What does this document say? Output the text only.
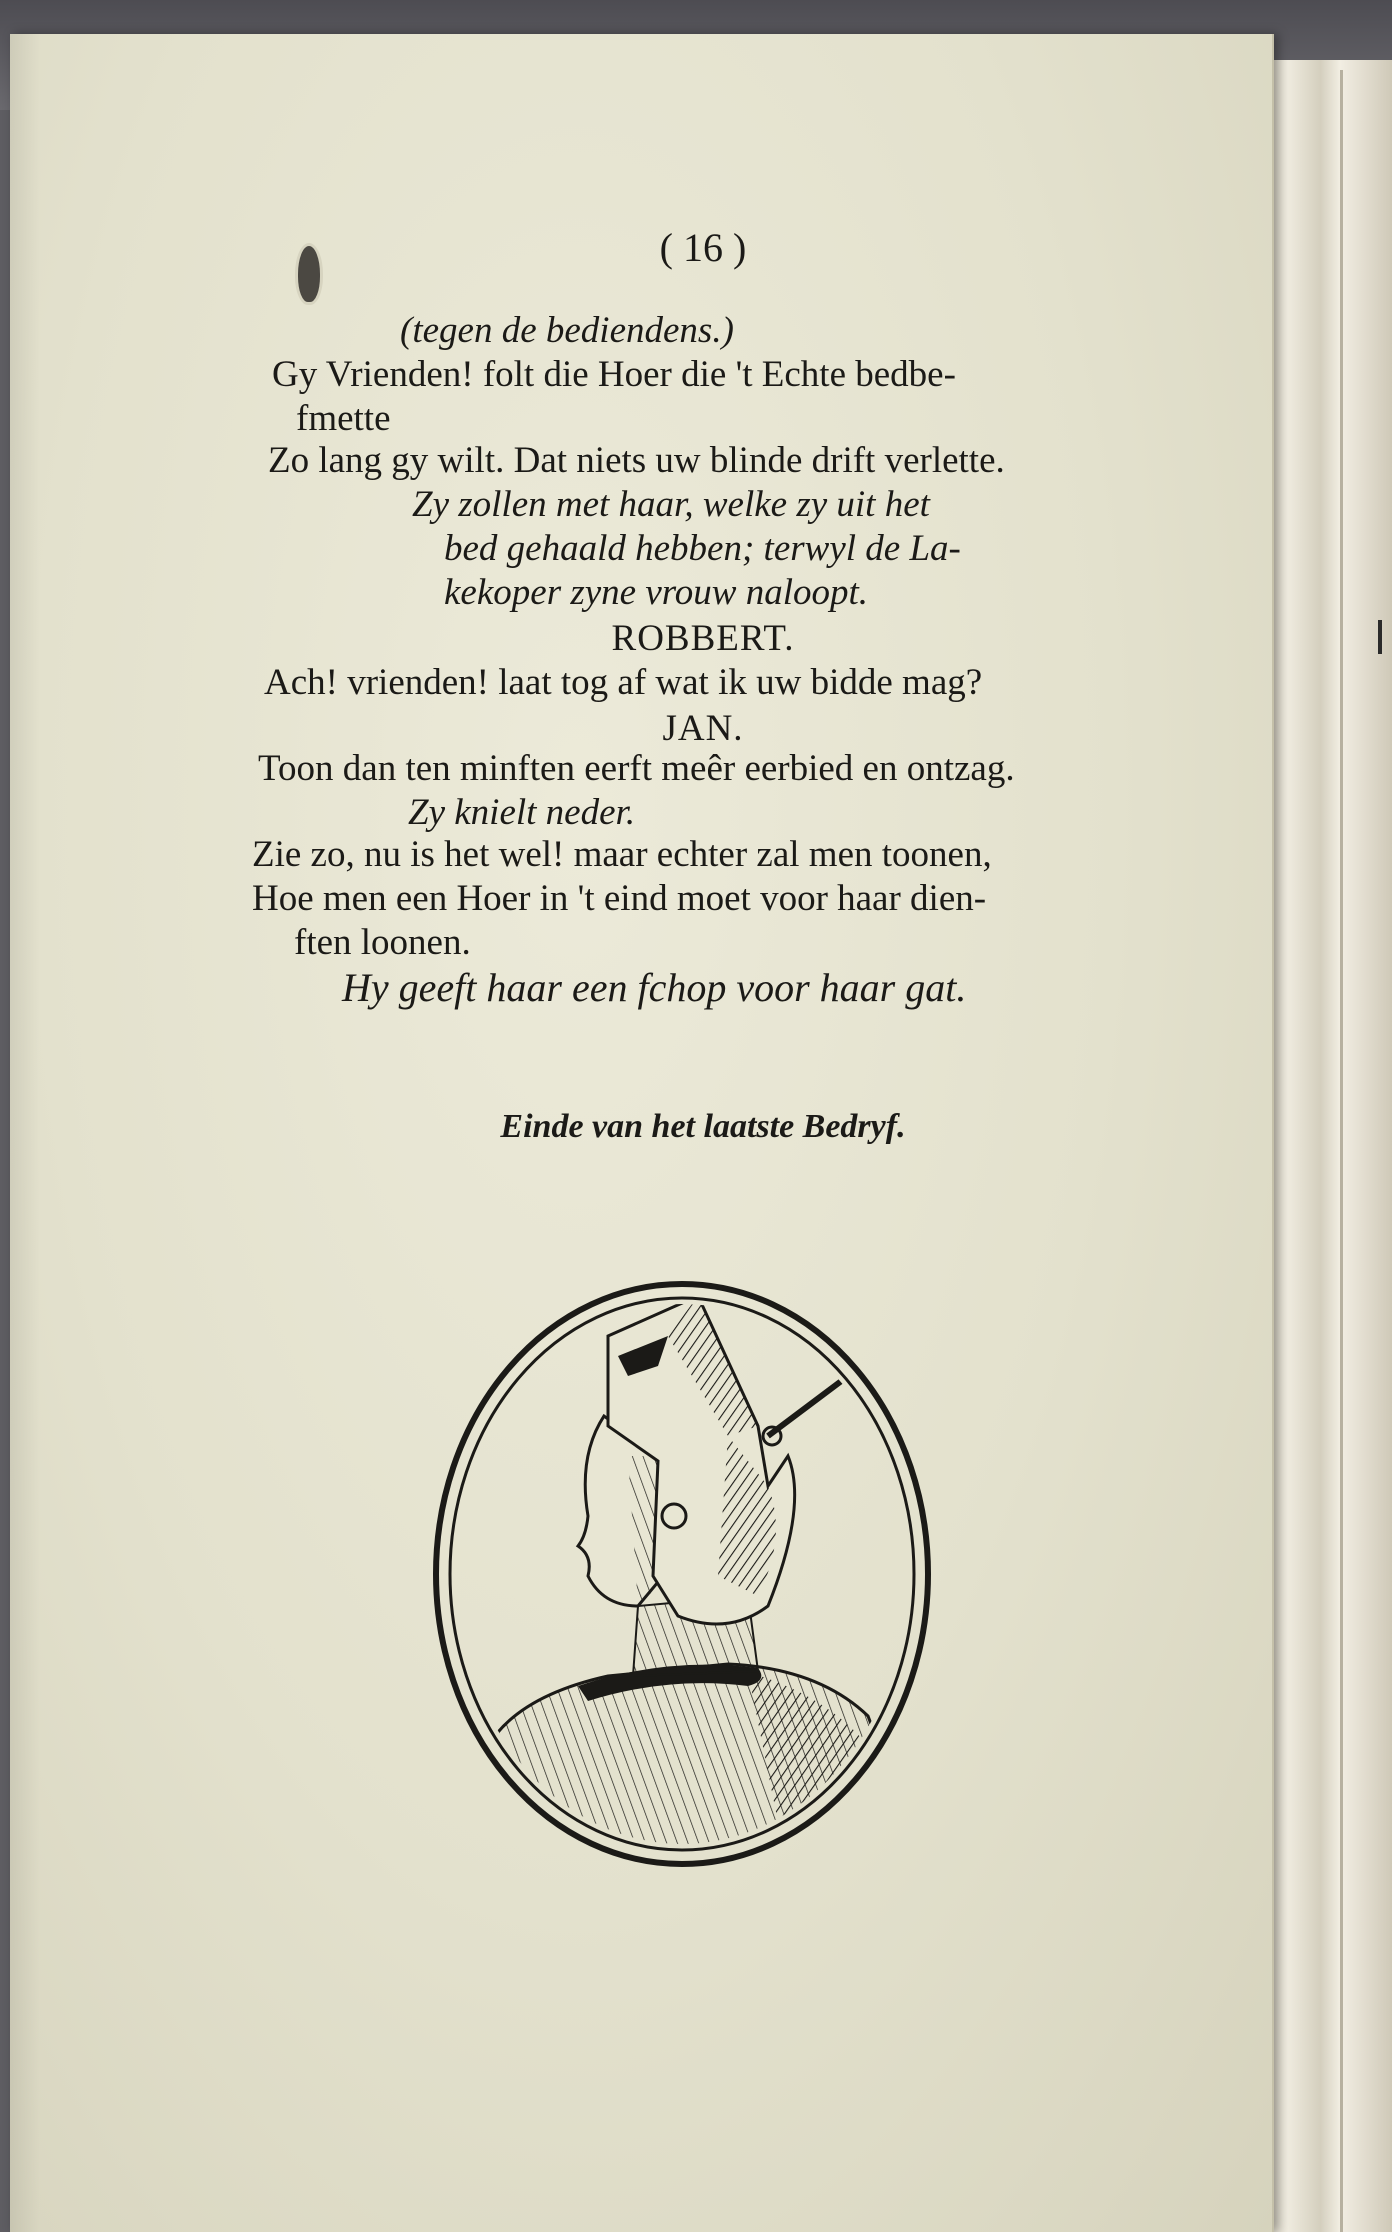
( 16 )
(tegen de bediendens.)
Gy Vrienden! folt die Hoer die 't Echte bedbe-
fmette
Zo lang gy wilt. Dat niets uw blinde drift verlette.
Zy zollen met haar, welke zy uit het
bed gehaald hebben; terwyl de La-
kekoper zyne vrouw naloopt.
ROBBERT.
Ach! vrienden! laat tog af wat ik uw bidde mag?
JAN.
Toon dan ten minften eerft meêr eerbied en ontzag.
Zy knielt neder.
Zie zo, nu is het wel! maar echter zal men toonen,
Hoe men een Hoer in 't eind moet voor haar dien-
ften loonen.
Hy geeft haar een fchop voor haar gat.
Einde van het laatste Bedryf.
